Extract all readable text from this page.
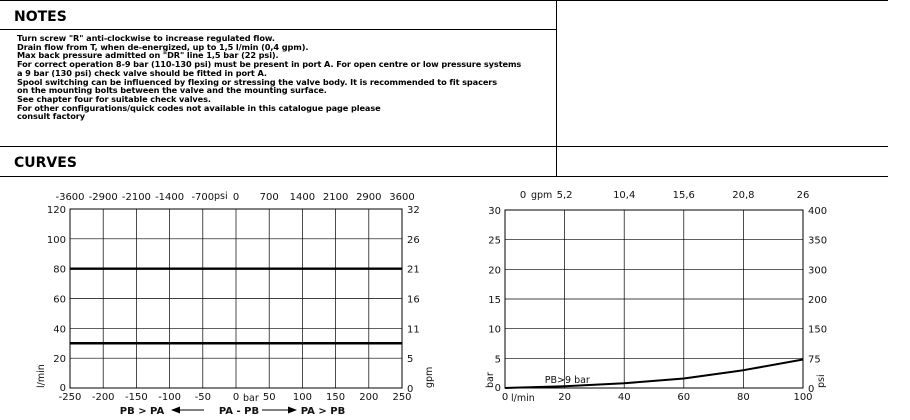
NOTES
Turn screw "R" anti-clockwise to increase regulated flow.
Drain flow from T, when de-energized, up to 1,5 l/min (0,4 gpm).
Max back pressure admitted on "DR" line 1,5 bar (22 psi).
For correct operation 8-9 bar (110-130 psi) must be present in port A. For open centre or low pressure systems
a 9 bar (130 psi) check valve should be fitted in port A.
Spool switching can be influenced by flexing or stressing the valve body. It is recommended to fit spacers
on the mounting bolts between the valve and the mounting surface.
See chapter four for suitable check valves.
For other configurations/quick codes not available in this catalogue page please
consult factory
CURVES
-250 -200 -150 -100 -50 0 50 100 150 200 250
-3600 -2900 -2100 -1400 -700 0 700 1400 2100 2900 3600
0
20
40
60
80
100
120
0
5
11
16
21
26
32
psi
bar
l/min	gpm
PB > PA	PA - PB	PA > PB
0	20	40	60	80	100
0	5,2	10,4	15,6	20,8	26
0
5
10
15
20
25
30
0
75
150
200
300
350
400
gpm
l/min
bar	psi
PB>9 bar
